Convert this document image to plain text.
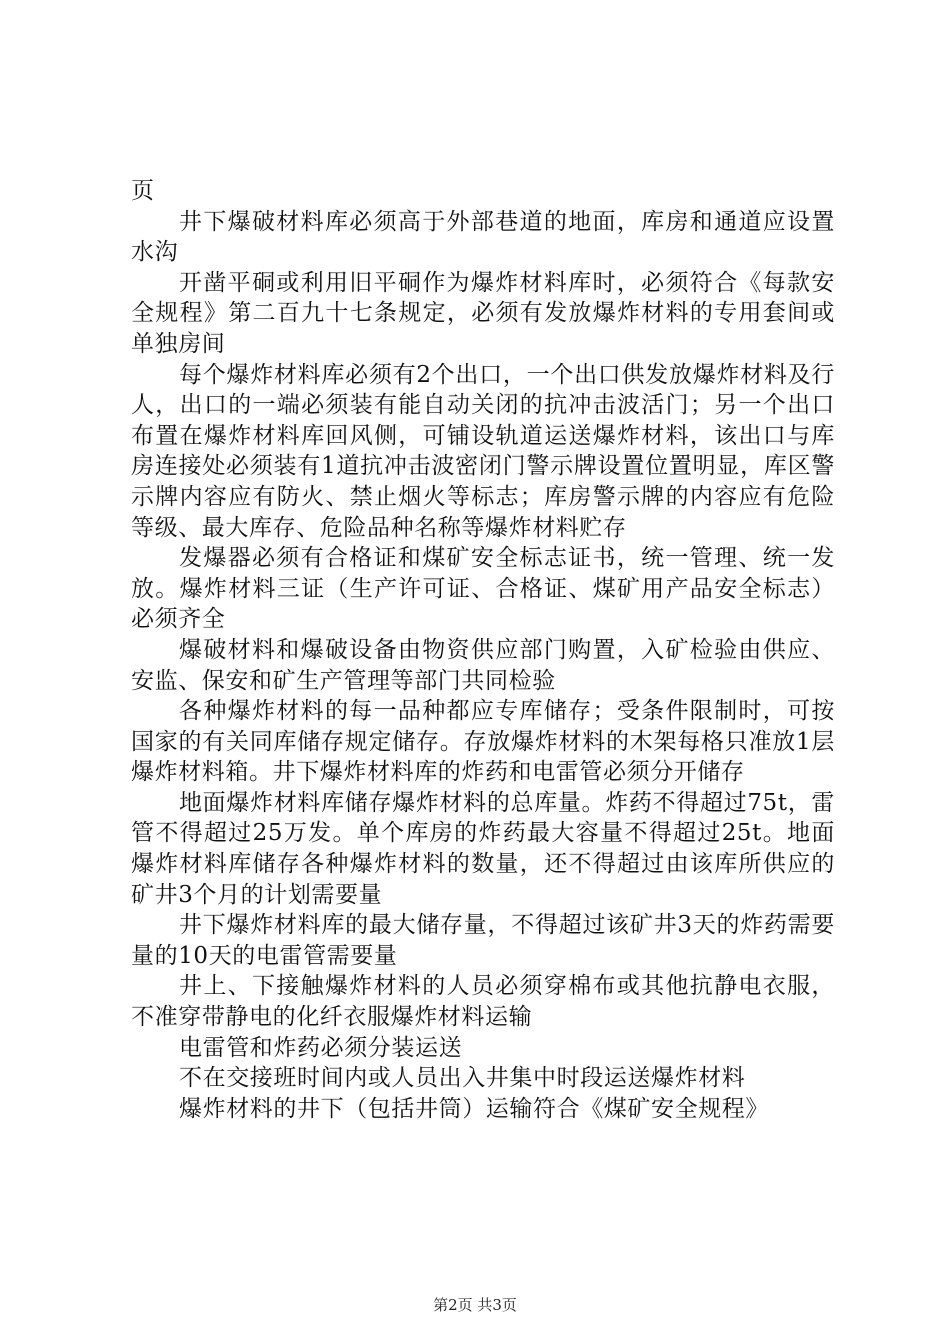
页

井下爆破材料库必须高于外部巷道的地面，库房和通道应设置水沟

开凿平硐或利用旧平硐作为爆炸材料库时，必须符合《每款安全规程》第二百九十七条规定，必须有发放爆炸材料的专用套间或单独房间

每个爆炸材料库必须有2个出口，一个出口供发放爆炸材料及行人，出口的一端必须装有能自动关闭的抗冲击波活门；另一个出口布置在爆炸材料库回风侧，可铺设轨道运送爆炸材料，该出口与库房连接处必须装有1道抗冲击波密闭门警示牌设置位置明显，库区警示牌内容应有防火、禁止烟火等标志；库房警示牌的内容应有危险等级、最大库存、危险品种名称等爆炸材料贮存

发爆器必须有合格证和煤矿安全标志证书，统一管理、统一发放。爆炸材料三证（生产许可证、合格证、煤矿用产品安全标志）必须齐全

爆破材料和爆破设备由物资供应部门购置，入矿检验由供应、安监、保安和矿生产管理等部门共同检验

各种爆炸材料的每一品种都应专库储存；受条件限制时，可按国家的有关同库储存规定储存。存放爆炸材料的木架每格只准放1层爆炸材料箱。井下爆炸材料库的炸药和电雷管必须分开储存

地面爆炸材料库储存爆炸材料的总库量。炸药不得超过75t，雷管不得超过25万发。单个库房的炸药最大容量不得超过25t。地面爆炸材料库储存各种爆炸材料的数量，还不得超过由该库所供应的矿井3个月的计划需要量

井下爆炸材料库的最大储存量，不得超过该矿井3天的炸药需要量的10天的电雷管需要量

井上、下接触爆炸材料的人员必须穿棉布或其他抗静电衣服，不准穿带静电的化纤衣服爆炸材料运输

电雷管和炸药必须分装运送

不在交接班时间内或人员出入井集中时段运送爆炸材料

爆炸材料的井下（包括井筒）运输符合《煤矿安全规程》

第2页 共3页
